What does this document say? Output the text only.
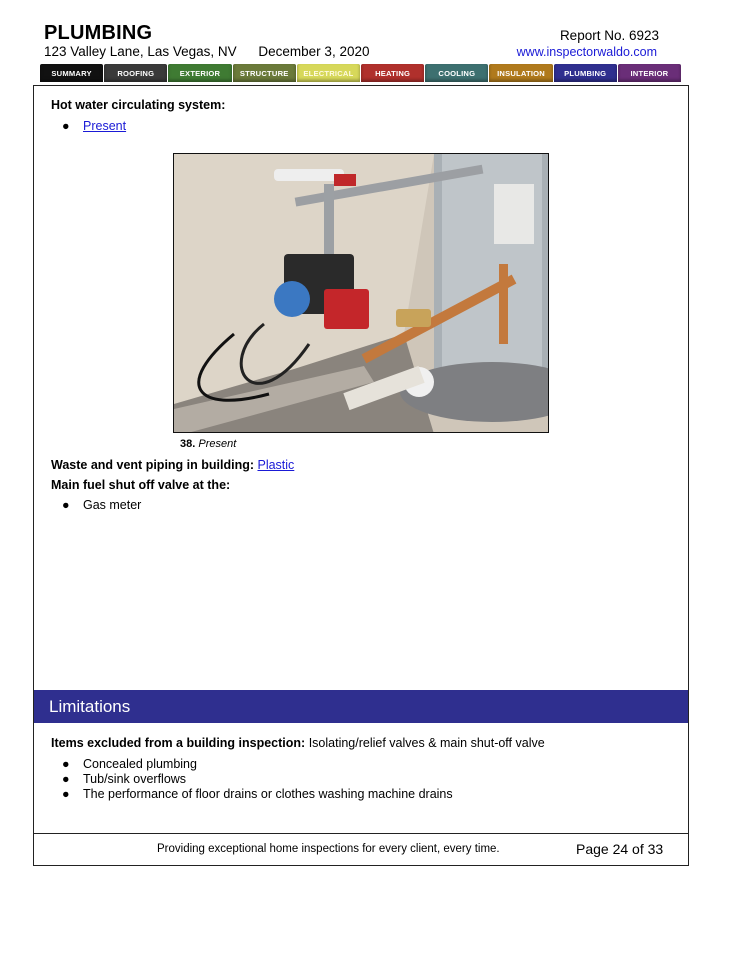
PLUMBING
123 Valley Lane, Las Vegas, NV December 3, 2020
Report No. 6923
www.inspectorwaldo.com
SUMMARY	ROOFING	EXTERIOR	STRUCTURE	ELECTRICAL	HEATING	COOLING	INSULATION	PLUMBING	INTERIOR
Hot water circulating system:
●	Present
38. Present
Waste and vent piping in building: Plastic
Main fuel shut off valve at the:
●	Gas meter
Limitations
Items excluded from a building inspection: Isolating/relief valves & main shut-off valve
●	Concealed plumbing
●	Tub/sink overflows
●	The performance of floor drains or clothes washing machine drains
Providing exceptional home inspections for every client, every time.	Page 24 of 33
